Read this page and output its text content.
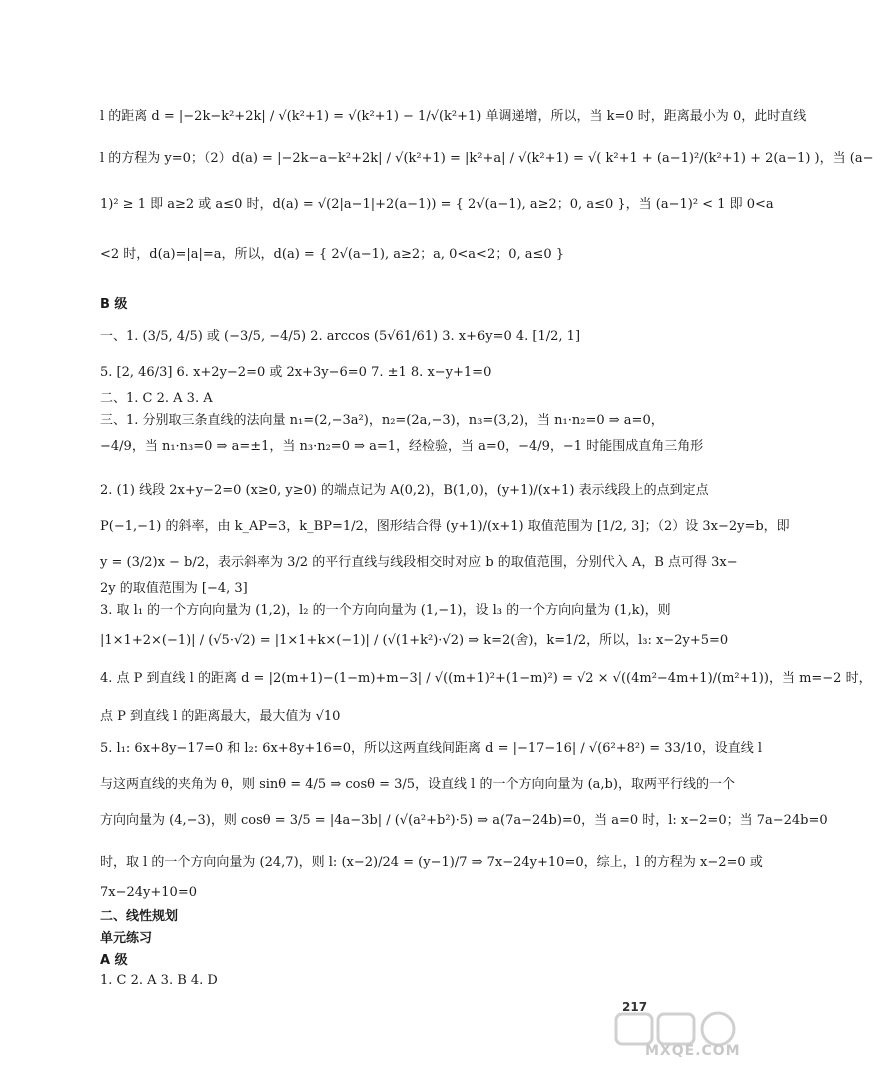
l 的距离 d = |−2k−k²+2k| / √(k²+1) = √(k²+1) − 1/√(k²+1) 单调递增，所以，当 k=0 时，距离最小为 0，此时直线
l 的方程为 y=0；（2）d(a) = |−2k−a−k²+2k| / √(k²+1) = |k²+a| / √(k²+1) = √( k²+1 + (a−1)²/(k²+1) + 2(a−1) )，当 (a−
1)² ≥ 1 即 a≥2 或 a≤0 时，d(a) = √(2|a−1|+2(a−1)) = { 2√(a−1), a≥2；0, a≤0 }，当 (a−1)² < 1 即 0<a
<2 时，d(a)=|a|=a，所以，d(a) = { 2√(a−1), a≥2；a, 0<a<2；0, a≤0 }
B 级
一、1. (3/5, 4/5) 或 (−3/5, −4/5) 2. arccos (5√61/61) 3. x+6y=0 4. [1/2, 1]
5. [2, 46/3] 6. x+2y−2=0 或 2x+3y−6=0 7. ±1 8. x−y+1=0
二、1. C 2. A 3. A
三、1. 分别取三条直线的法向量 n₁=(2,−3a²)，n₂=(2a,−3)，n₃=(3,2)，当 n₁·n₂=0 ⇒ a=0，
−4/9，当 n₁·n₃=0 ⇒ a=±1，当 n₃·n₂=0 ⇒ a=1，经检验，当 a=0，−4/9，−1 时能围成直角三角形
2. (1) 线段 2x+y−2=0 (x≥0, y≥0) 的端点记为 A(0,2)，B(1,0)，(y+1)/(x+1) 表示线段上的点到定点
P(−1,−1) 的斜率，由 k_AP=3，k_BP=1/2，图形结合得 (y+1)/(x+1) 取值范围为 [1/2, 3]；（2）设 3x−2y=b，即
y = (3/2)x − b/2，表示斜率为 3/2 的平行直线与线段相交时对应 b 的取值范围，分别代入 A，B 点可得 3x−
2y 的取值范围为 [−4, 3]
3. 取 l₁ 的一个方向向量为 (1,2)，l₂ 的一个方向向量为 (1,−1)，设 l₃ 的一个方向向量为 (1,k)，则
|1×1+2×(−1)| / (√5·√2) = |1×1+k×(−1)| / (√(1+k²)·√2) ⇒ k=2(舍)，k=1/2，所以，l₃: x−2y+5=0
4. 点 P 到直线 l 的距离 d = |2(m+1)−(1−m)+m−3| / √((m+1)²+(1−m)²) = √2 × √((4m²−4m+1)/(m²+1))，当 m=−2 时，
点 P 到直线 l 的距离最大，最大值为 √10
5. l₁: 6x+8y−17=0 和 l₂: 6x+8y+16=0，所以这两直线间距离 d = |−17−16| / √(6²+8²) = 33/10，设直线 l
与这两直线的夹角为 θ，则 sinθ = 4/5 ⇒ cosθ = 3/5，设直线 l 的一个方向向量为 (a,b)，取两平行线的一个
方向向量为 (4,−3)，则 cosθ = 3/5 = |4a−3b| / (√(a²+b²)·5) ⇒ a(7a−24b)=0，当 a=0 时，l: x−2=0；当 7a−24b=0
时，取 l 的一个方向向量为 (24,7)，则 l: (x−2)/24 = (y−1)/7 ⇒ 7x−24y+10=0，综上，l 的方程为 x−2=0 或
7x−24y+10=0
二、线性规划
单元练习
A 级
1. C 2. A 3. B 4. D
217
MXQE.COM
